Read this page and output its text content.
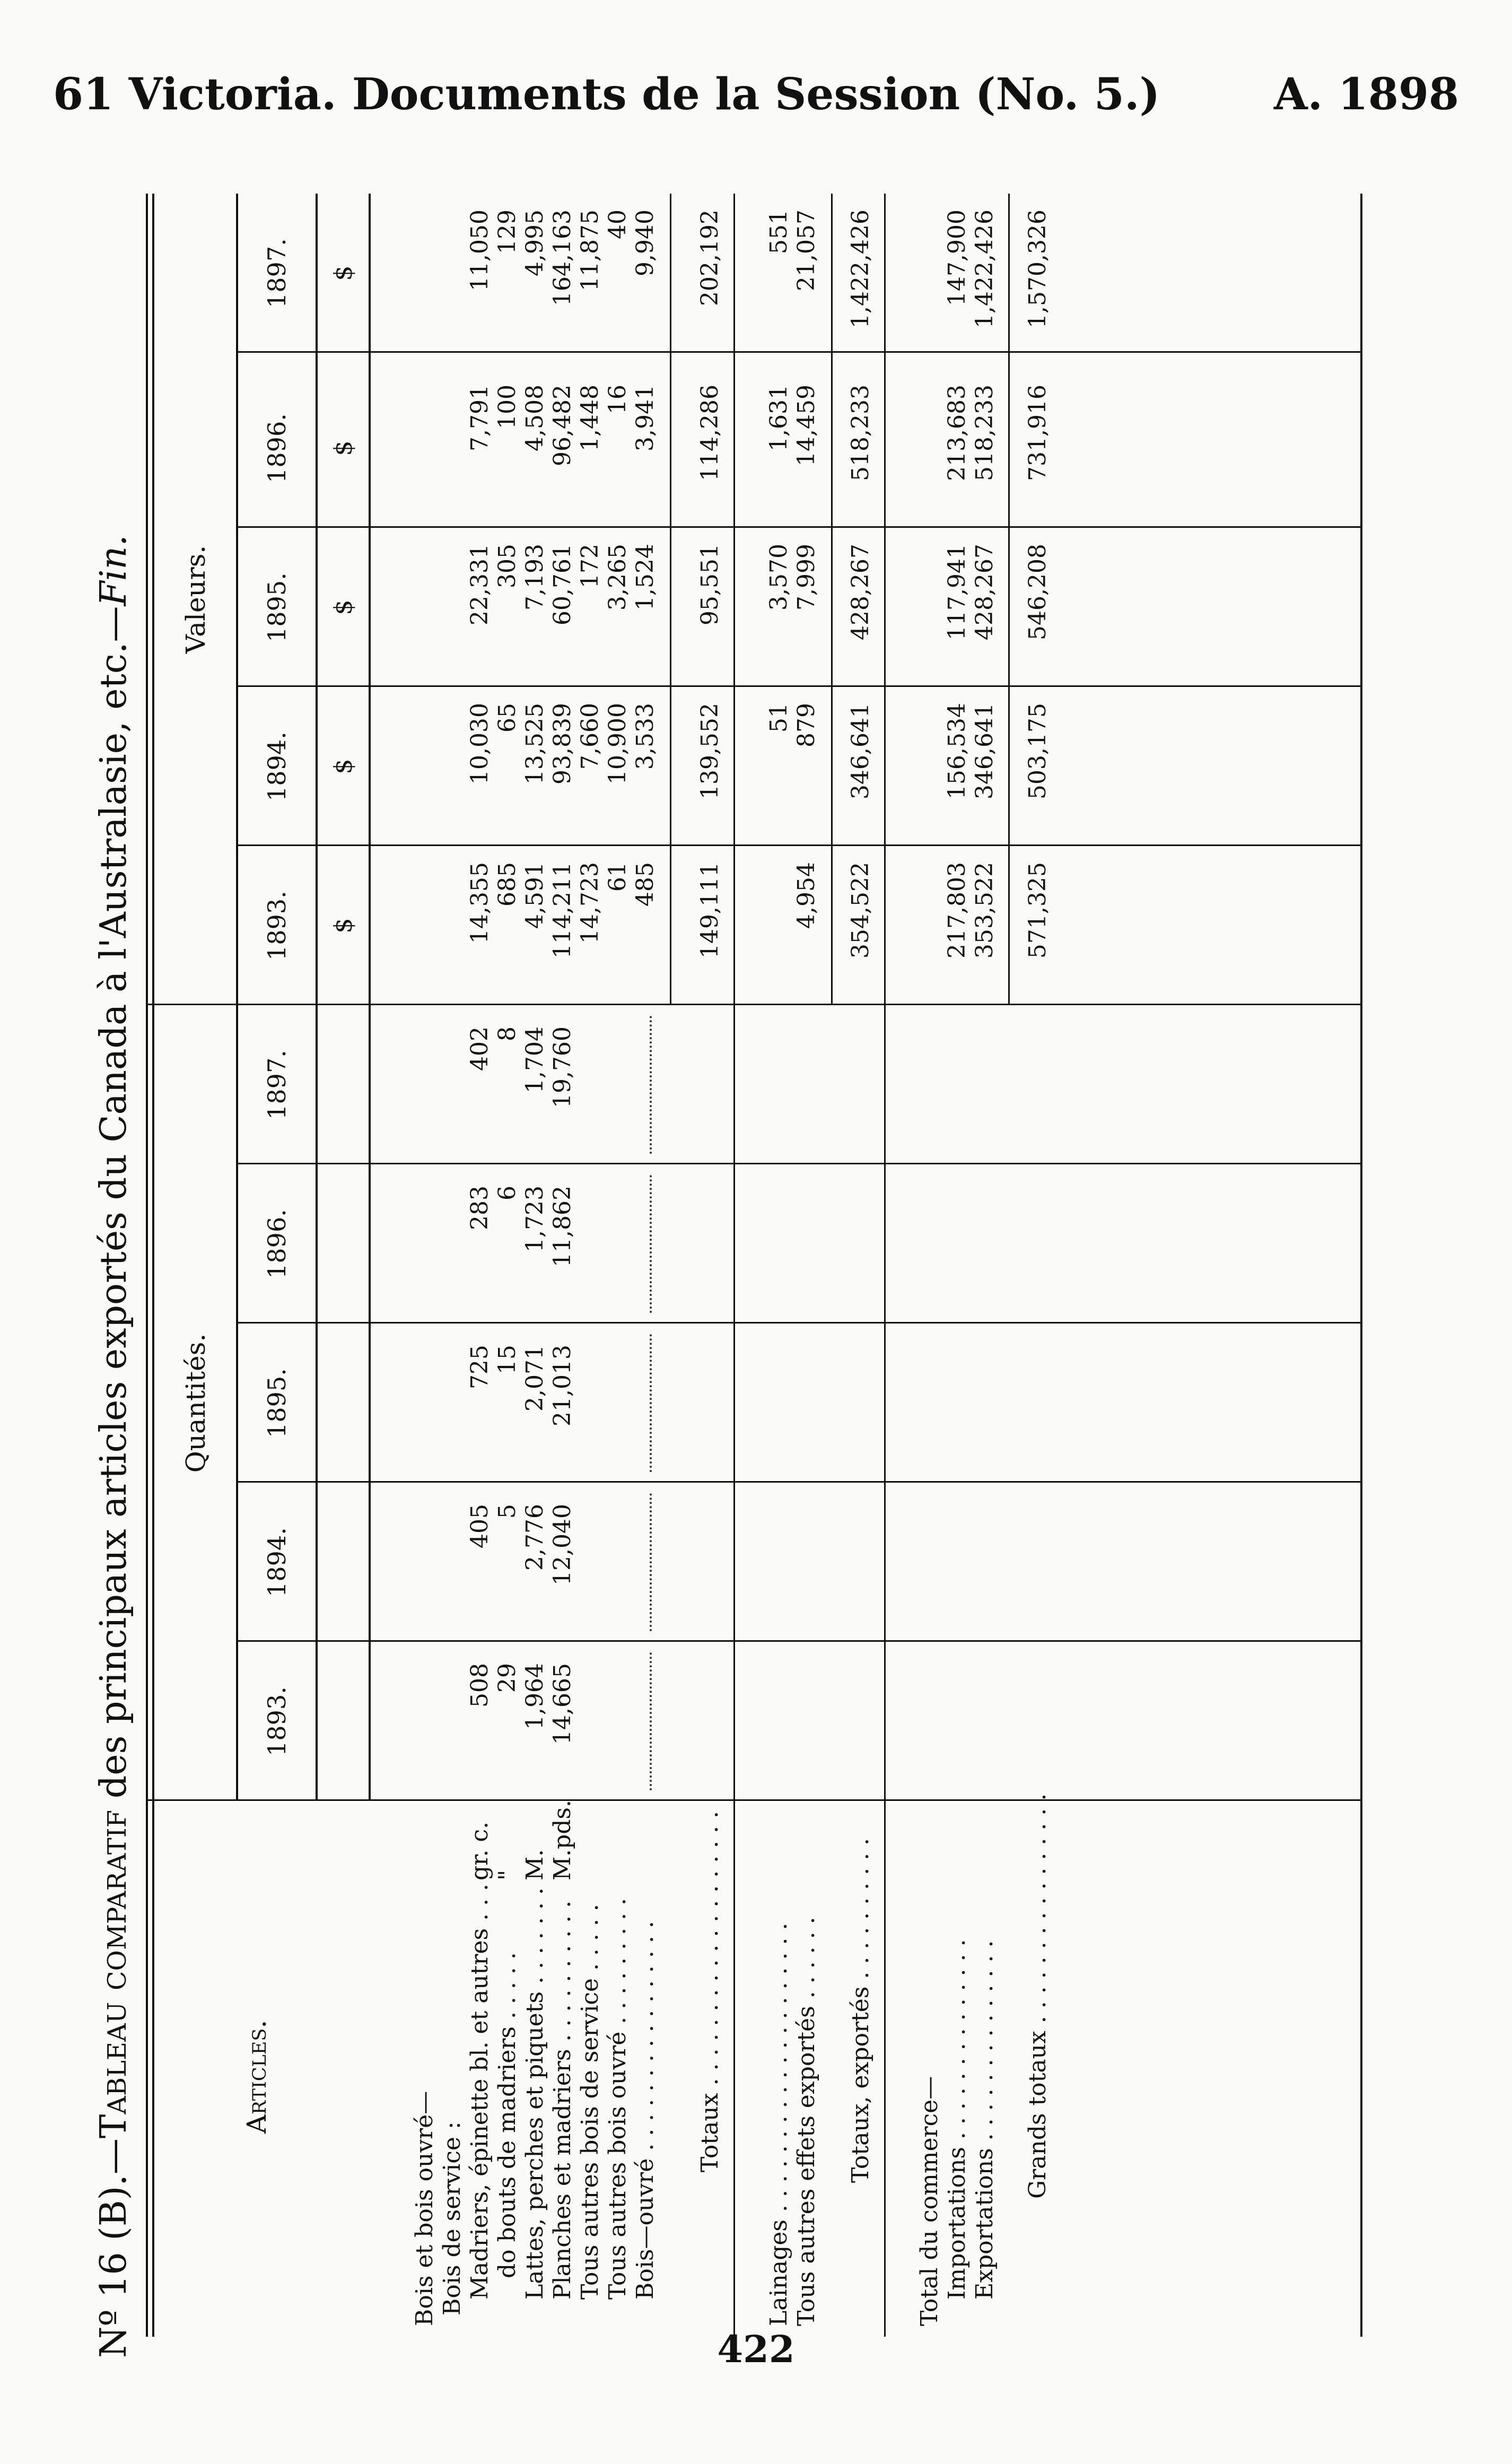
61 Victoria. Documents de la Session (No. 5.)	A. 1898
Nº 16 (B).—Tableau comparatif des principaux articles exportés du Canada à l'Australasie, etc.—Fin.
Quantités.
Valeurs.
Articles.
1893.
1893. $
1894.
1894. $
1895.
1895. $
1896.
1896. $
1897.
1897. $
Bois et bois ouvré— Bois de service : Madriers, épinette bl. et autres . . .
gr. c.
508
405
725
283
402
14,355
10,030
22,331
7,791
11,050
do bouts de madriers . . . . .
"
29
5
15
6
8
685
65
305
100
129
Lattes, perches et piquets . . . . . . .
M.
1,964
2,776
2,071
1,723
1,704
4,591
13,525
7,193
4,508
4,995
Planches et madriers . . . . . . . . . .
M.pds.
14,665
12,040
21,013
11,862
19,760
114,211
93,839
60,761
96,482
164,163
Tous autres bois de service . . . . .
14,723
7,660
172
1,448
11,875
Tous autres bois ouvré . . . . . . . . .
61
10,900
3,265
16
40
Bois—ouvré . . . . . . . . . . . . . . . .
485
3,533
1,524
3,941
9,940
Totaux . . . . . . . . . . . . . . . . . . .
149,111
139,552
95,551
114,286
202,192
Lainages . . . . . . . . . . . . . . . . . . . .
51
3,570
1,631
551
Tous autres effets exportés . . . . . .
4,954
879
7,999
14,459
21,057
Totaux, exportés . . . . . . . . . .
354,522
346,641
428,267
518,233
1,422,426
Total du commerce— Importations . . . . . . . . . . . . . .
217,803
156,534
117,941
213,683
147,900
Exportations . . . . . . . . . . . . . .
353,522
346,641
428,267
518,233
1,422,426
Grands totaux . . . . . . . . . . . . . . . .
571,325
503,175
546,208
731,916
1,570,326
422
